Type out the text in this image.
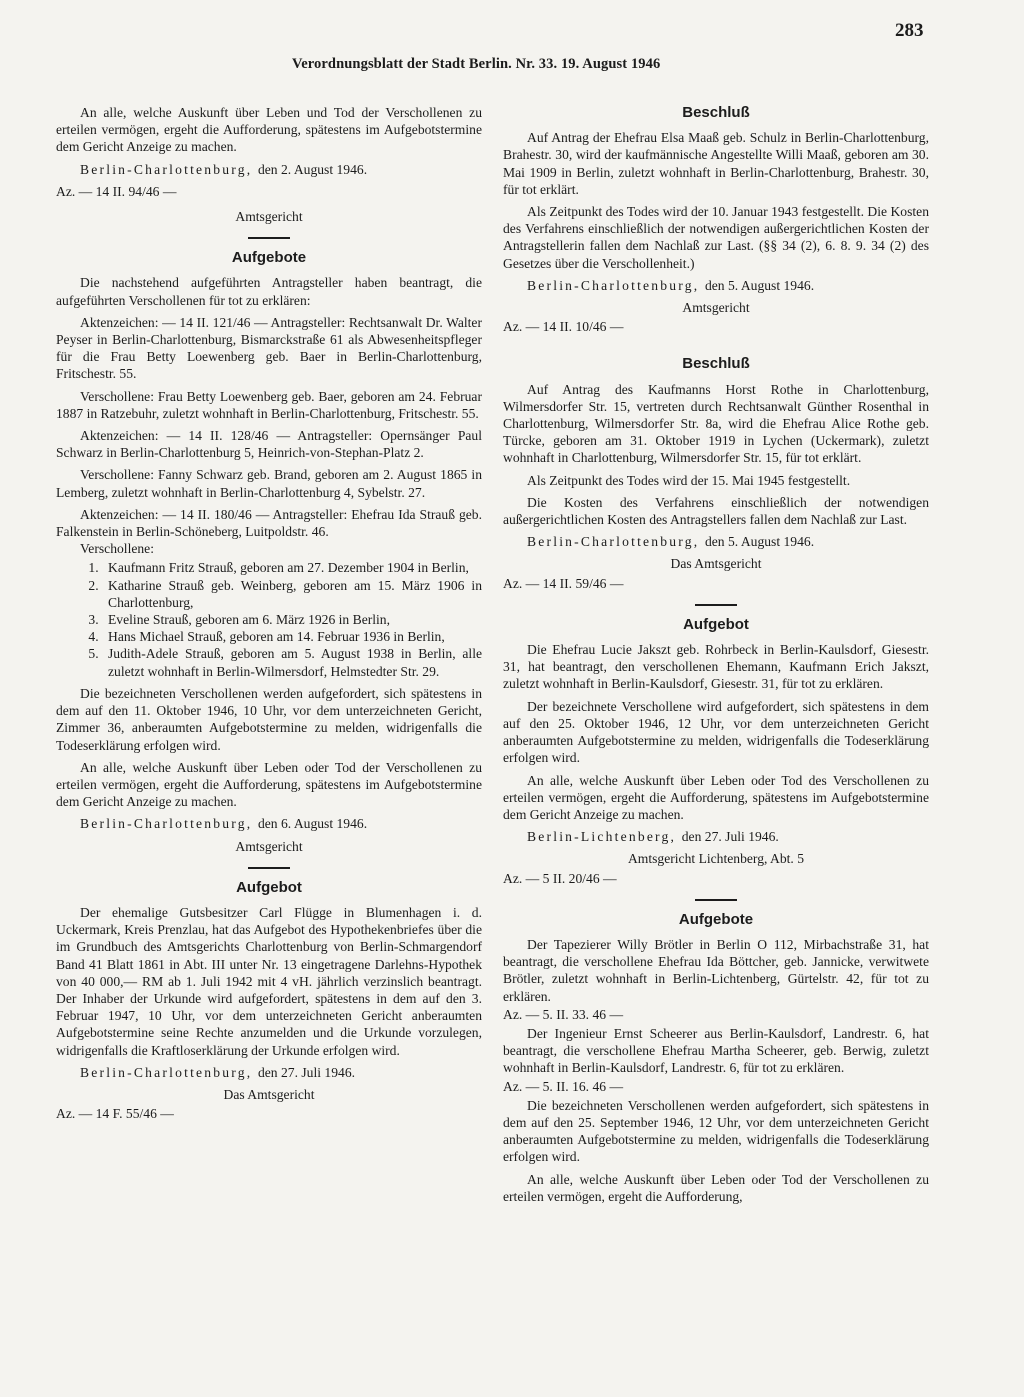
283
Verordnungsblatt der Stadt Berlin. Nr. 33. 19. August 1946

An alle, welche Auskunft über Leben und Tod der Verschollenen zu erteilen vermögen, ergeht die Aufforderung, spätestens im Aufgebotstermine dem Gericht Anzeige zu machen.

Berlin-Charlottenburg, den 2. August 1946.

Az. — 14 II. 94/46 —

Amtsgericht

Aufgebote

Die nachstehend aufgeführten Antragsteller haben beantragt, die aufgeführten Verschollenen für tot zu erklären:

Aktenzeichen: — 14 II. 121/46 — Antragsteller: Rechtsanwalt Dr. Walter Peyser in Berlin-Charlottenburg, Bismarckstraße 61 als Abwesenheitspfleger für die Frau Betty Loewenberg geb. Baer in Berlin-Charlottenburg, Fritschestr. 55.

Verschollene: Frau Betty Loewenberg geb. Baer, geboren am 24. Februar 1887 in Ratzebuhr, zuletzt wohnhaft in Berlin-Charlottenburg, Fritschestr. 55.

Aktenzeichen: — 14 II. 128/46 — Antragsteller: Opernsänger Paul Schwarz in Berlin-Charlottenburg 5, Heinrich-von-Stephan-Platz 2.

Verschollene: Fanny Schwarz geb. Brand, geboren am 2. August 1865 in Lemberg, zuletzt wohnhaft in Berlin-Charlottenburg 4, Sybelstr. 27.

Aktenzeichen: — 14 II. 180/46 — Antragsteller: Ehefrau Ida Strauß geb. Falkenstein in Berlin-Schöneberg, Luitpoldstr. 46.

Verschollene:

1. Kaufmann Fritz Strauß, geboren am 27. Dezember 1904 in Berlin,
2. Katharine Strauß geb. Weinberg, geboren am 15. März 1906 in Charlottenburg,
3. Eveline Strauß, geboren am 6. März 1926 in Berlin,
4. Hans Michael Strauß, geboren am 14. Februar 1936 in Berlin,
5. Judith-Adele Strauß, geboren am 5. August 1938 in Berlin, alle zuletzt wohnhaft in Berlin-Wilmersdorf, Helmstedter Str. 29.

Die bezeichneten Verschollenen werden aufgefordert, sich spätestens in dem auf den 11. Oktober 1946, 10 Uhr, vor dem unterzeichneten Gericht, Zimmer 36, anberaumten Aufgebotstermine zu melden, widrigenfalls die Todeserklärung erfolgen wird.

An alle, welche Auskunft über Leben oder Tod der Verschollenen zu erteilen vermögen, ergeht die Aufforderung, spätestens im Aufgebotstermine dem Gericht Anzeige zu machen.

Berlin-Charlottenburg, den 6. August 1946.

Amtsgericht

Aufgebot

Der ehemalige Gutsbesitzer Carl Flügge in Blumenhagen i. d. Uckermark, Kreis Prenzlau, hat das Aufgebot des Hypothekenbriefes über die im Grundbuch des Amtsgerichts Charlottenburg von Berlin-Schmargendorf Band 41 Blatt 1861 in Abt. III unter Nr. 13 eingetragene Darlehns-Hypothek von 40 000,— RM ab 1. Juli 1942 mit 4 vH. jährlich verzinslich beantragt. Der Inhaber der Urkunde wird aufgefordert, spätestens in dem auf den 3. Februar 1947, 10 Uhr, vor dem unterzeichneten Gericht anberaumten Aufgebotstermine seine Rechte anzumelden und die Urkunde vorzulegen, widrigenfalls die Kraftloserklärung der Urkunde erfolgen wird.

Berlin-Charlottenburg, den 27. Juli 1946.

Das Amtsgericht

Az. — 14 F. 55/46 —

Beschluß

Auf Antrag der Ehefrau Elsa Maaß geb. Schulz in Berlin-Charlottenburg, Brahestr. 30, wird der kaufmännische Angestellte Willi Maaß, geboren am 30. Mai 1909 in Berlin, zuletzt wohnhaft in Berlin-Charlottenburg, Brahestr. 30, für tot erklärt.

Als Zeitpunkt des Todes wird der 10. Januar 1943 festgestellt. Die Kosten des Verfahrens einschließlich der notwendigen außergerichtlichen Kosten der Antragstellerin fallen dem Nachlaß zur Last. (§§ 34 (2), 6. 8. 9. 34 (2) des Gesetzes über die Verschollenheit.)

Berlin-Charlottenburg, den 5. August 1946.

Amtsgericht

Az. — 14 II. 10/46 —

Beschluß

Auf Antrag des Kaufmanns Horst Rothe in Charlottenburg, Wilmersdorfer Str. 15, vertreten durch Rechtsanwalt Günther Rosenthal in Charlottenburg, Wilmersdorfer Str. 8a, wird die Ehefrau Alice Rothe geb. Türcke, geboren am 31. Oktober 1919 in Lychen (Uckermark), zuletzt wohnhaft in Charlottenburg, Wilmersdorfer Str. 15, für tot erklärt.

Als Zeitpunkt des Todes wird der 15. Mai 1945 festgestellt.

Die Kosten des Verfahrens einschließlich der notwendigen außergerichtlichen Kosten des Antragstellers fallen dem Nachlaß zur Last.

Berlin-Charlottenburg, den 5. August 1946.

Das Amtsgericht

Az. — 14 II. 59/46 —

Aufgebot

Die Ehefrau Lucie Jakszt geb. Rohrbeck in Berlin-Kaulsdorf, Giesestr. 31, hat beantragt, den verschollenen Ehemann, Kaufmann Erich Jakszt, zuletzt wohnhaft in Berlin-Kaulsdorf, Giesestr. 31, für tot zu erklären.

Der bezeichnete Verschollene wird aufgefordert, sich spätestens in dem auf den 25. Oktober 1946, 12 Uhr, vor dem unterzeichneten Gericht anberaumten Aufgebotstermine zu melden, widrigenfalls die Todeserklärung erfolgen wird.

An alle, welche Auskunft über Leben oder Tod des Verschollenen zu erteilen vermögen, ergeht die Aufforderung, spätestens im Aufgebotstermine dem Gericht Anzeige zu machen.

Berlin-Lichtenberg, den 27. Juli 1946.

Amtsgericht Lichtenberg, Abt. 5

Az. — 5 II. 20/46 —

Aufgebote

Der Tapezierer Willy Brötler in Berlin O 112, Mirbachstraße 31, hat beantragt, die verschollene Ehefrau Ida Böttcher, geb. Jannicke, verwitwete Brötler, zuletzt wohnhaft in Berlin-Lichtenberg, Gürtelstr. 42, für tot zu erklären.

Az. — 5. II. 33. 46 —

Der Ingenieur Ernst Scheerer aus Berlin-Kaulsdorf, Landrestr. 6, hat beantragt, die verschollene Ehefrau Martha Scheerer, geb. Berwig, zuletzt wohnhaft in Berlin-Kaulsdorf, Landrestr. 6, für tot zu erklären.

Az. — 5. II. 16. 46 —

Die bezeichneten Verschollenen werden aufgefordert, sich spätestens in dem auf den 25. September 1946, 12 Uhr, vor dem unterzeichneten Gericht anberaumten Aufgebotstermine zu melden, widrigenfalls die Todeserklärung erfolgen wird.

An alle, welche Auskunft über Leben oder Tod der Verschollenen zu erteilen vermögen, ergeht die Aufforderung,
